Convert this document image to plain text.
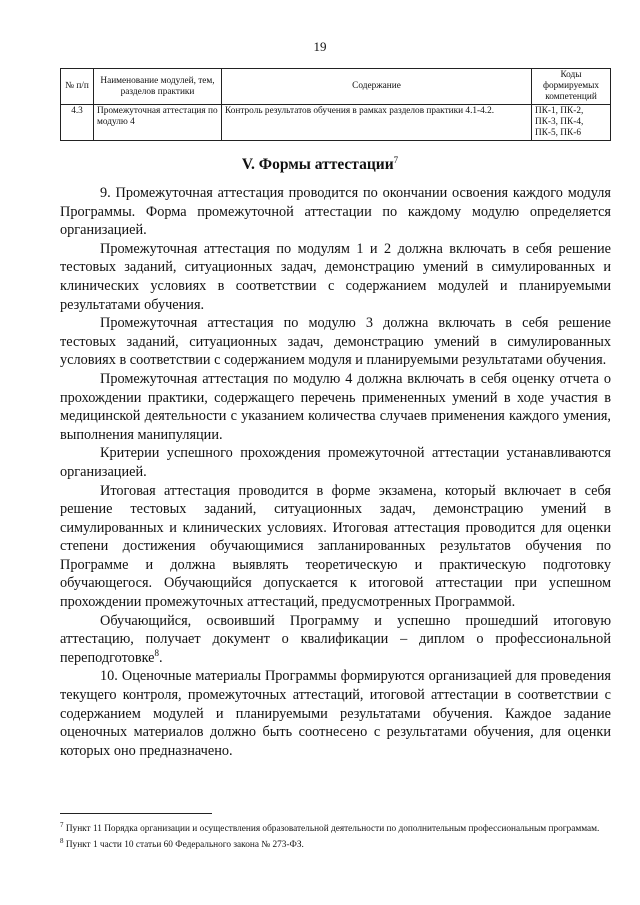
19
№ п/п	Наименование модулей, тем, разделов практики	Содержание	Коды формируемых компетенций
4.3	Промежуточная аттестация по модулю 4	Контроль результатов обучения в рамках разделов практики 4.1-4.2.	ПК-1, ПК-2, ПК-3, ПК-4, ПК-5, ПК-6
V. Формы аттестации$^7$

9. Промежуточная аттестация проводится по окончании освоения каждого модуля Программы. Форма промежуточной аттестации по каждому модулю определяется организацией.

Промежуточная аттестация по модулям 1 и 2 должна включать в себя решение тестовых заданий, ситуационных задач, демонстрацию умений в симулированных и клинических условиях в соответствии с содержанием модулей и планируемыми результатами обучения.

Промежуточная аттестация по модулю 3 должна включать в себя решение тестовых заданий, ситуационных задач, демонстрацию умений в симулированных условиях в соответствии с содержанием модуля и планируемыми результатами обучения.

Промежуточная аттестация по модулю 4 должна включать в себя оценку отчета о прохождении практики, содержащего перечень примененных умений в ходе участия в медицинской деятельности с указанием количества случаев применения каждого умения, выполнения манипуляции.

Критерии успешного прохождения промежуточной аттестации устанавливаются организацией.

Итоговая аттестация проводится в форме экзамена, который включает в себя решение тестовых заданий, ситуационных задач, демонстрацию умений в симулированных и клинических условиях. Итоговая аттестация проводится для оценки степени достижения обучающимися запланированных результатов обучения по Программе и должна выявлять теоретическую и практическую подготовку обучающегося. Обучающийся допускается к итоговой аттестации при успешном прохождении промежуточных аттестаций, предусмотренных Программой.

Обучающийся, освоивший Программу и успешно прошедший итоговую аттестацию, получает документ о квалификации – диплом о профессиональной переподготовке$^8$.

10. Оценочные материалы Программы формируются организацией для проведения текущего контроля, промежуточных аттестаций, итоговой аттестации в соответствии с содержанием модулей и планируемыми результатами обучения. Каждое задание оценочных материалов должно быть соотнесено с результатами обучения, для оценки которых оно предназначено.

$^7$ Пункт 11 Порядка организации и осуществления образовательной деятельности по дополнительным профессиональным программам.

$^8$ Пункт 1 части 10 статьи 60 Федерального закона № 273-ФЗ.
